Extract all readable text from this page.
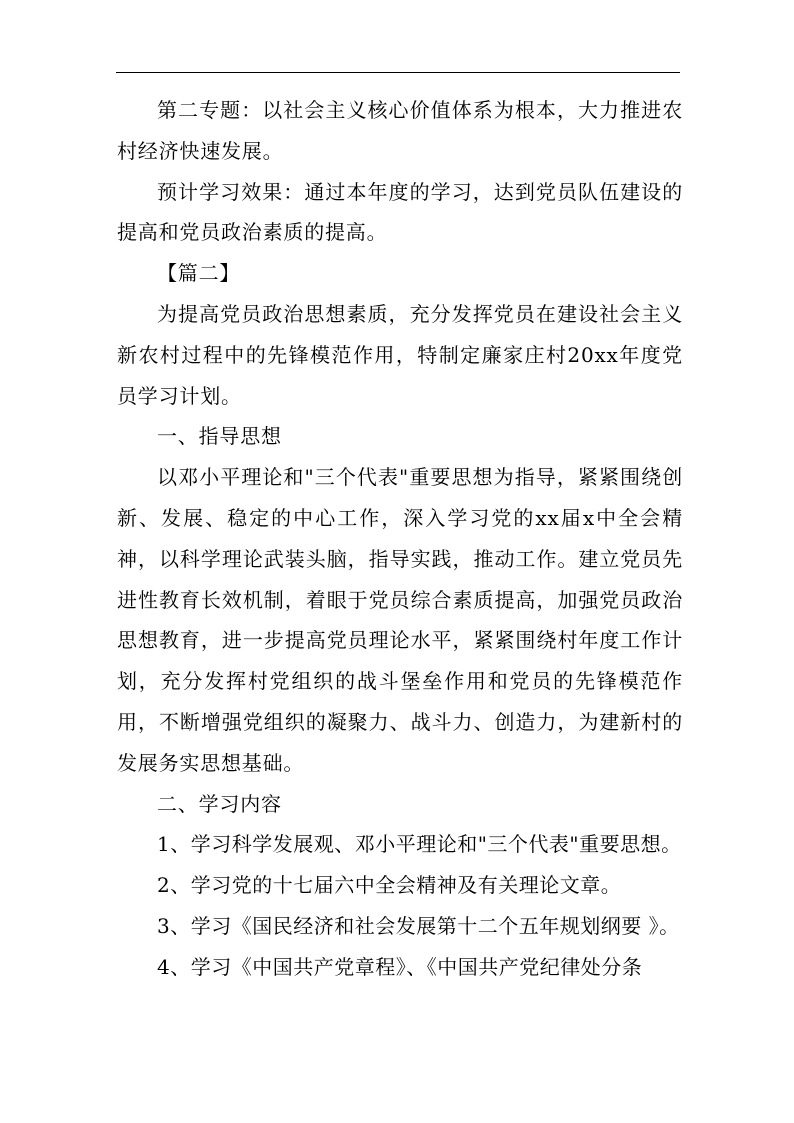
第二专题：以社会主义核心价值体系为根本，大力推进农村经济快速发展。

预计学习效果：通过本年度的学习，达到党员队伍建设的提高和党员政治素质的提高。

【篇二】

为提高党员政治思想素质，充分发挥党员在建设社会主义新农村过程中的先锋模范作用，特制定廉家庄村20xx年度党员学习计划。

一、指导思想

以邓小平理论和"三个代表"重要思想为指导，紧紧围绕创新、发展、稳定的中心工作，深入学习党的xx届x中全会精神，以科学理论武装头脑，指导实践，推动工作。建立党员先进性教育长效机制，着眼于党员综合素质提高，加强党员政治思想教育，进一步提高党员理论水平，紧紧围绕村年度工作计划，充分发挥村党组织的战斗堡垒作用和党员的先锋模范作用，不断增强党组织的凝聚力、战斗力、创造力，为建新村的发展务实思想基础。

二、学习内容

1、学习科学发展观、邓小平理论和"三个代表"重要思想。

2、学习党的十七届六中全会精神及有关理论文章。

3、学习《国民经济和社会发展第十二个五年规划纲要 》。

4、学习《中国共产党章程》、《中国共产党纪律处分条
